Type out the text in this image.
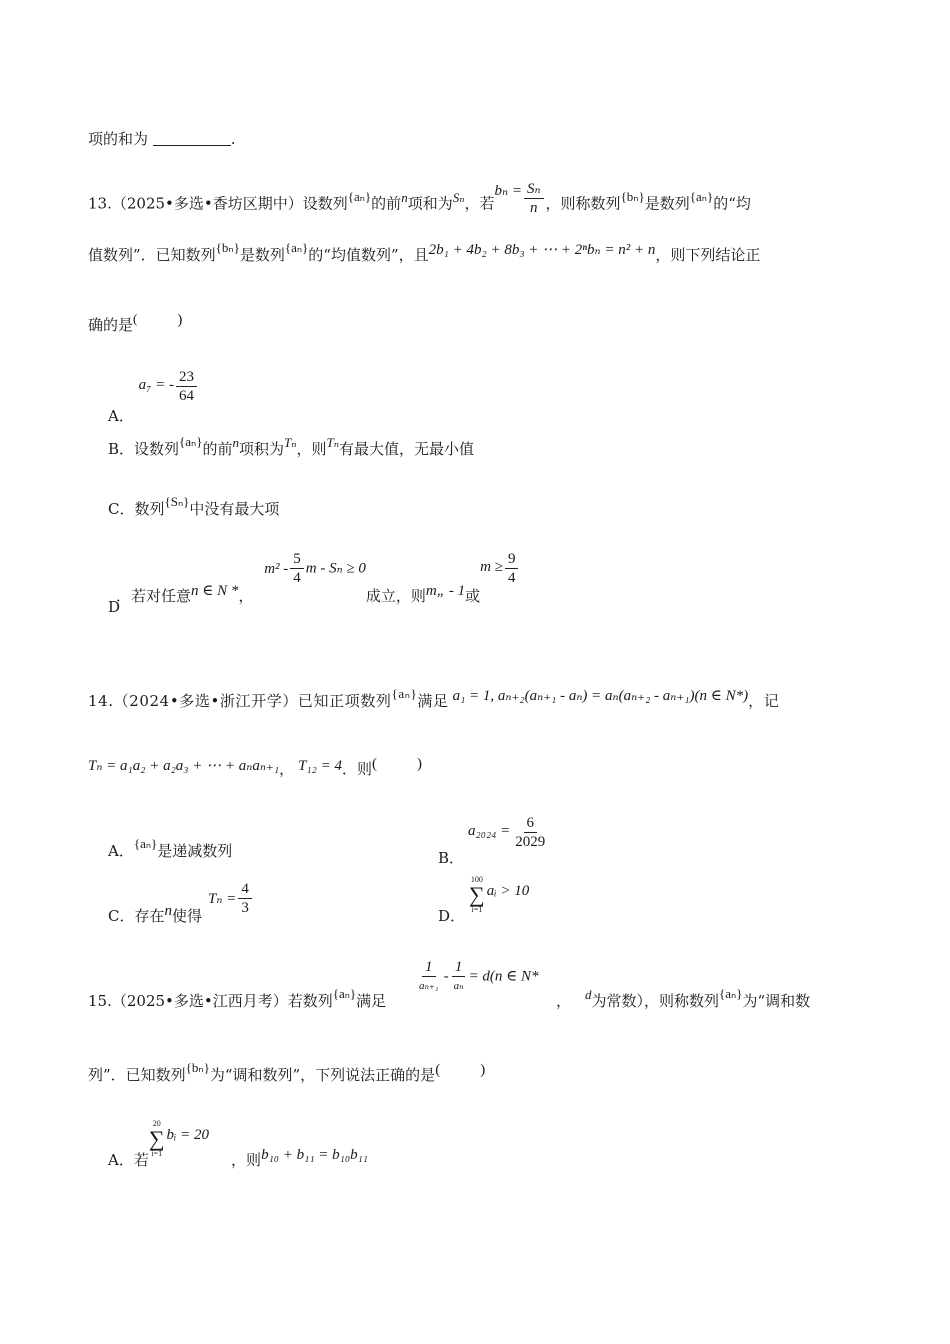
项的和为	.
13.（2025•多选•香坊区期中）设数列{aₙ}的前n项和为Sₙ，若$b_n = \frac{\text{Sₙ}}{n}$ ，则称数列{bₙ}是数列{aₙ}的“均
值数列”．已知数列{bₙ}是数列{aₙ}的“均值数列”，且2b₁ + 4b₂ + 8b₃ + ⋯ + 2ⁿbₙ = n² + n，则下列结论正
确的是(	)
A． a₇ = - $\frac{23}{64}$
B．设数列{aₙ}的前n项积为Tₙ，则Tₙ有最大值，无最小值
C．数列{Sₙ}中没有最大项
D
．若对任意n ∈ N *， $m^2 - \frac{5}{4}$ m - Sₙ ≥ 0成立，则m„ - 1或$m \ge \frac{9}{4}$
14.（2024•多选•浙江开学）已知正项数列{aₙ}满足 a₁ = 1, aₙ₊₂(aₙ₊₁ - aₙ) = aₙ(aₙ₊₂ - aₙ₊₁)(n ∈ N*)，记
Tₙ = a₁a₂ + a₂a₃ + ⋯ + aₙaₙ₊₁， T₁₂ = 4．则(	)
A．{aₙ}是递减数列	B．$a_{2024} = \frac{6}{2029}$
C．存在n使得$T_n = \frac{4}{3}$	D．
100
∑
i=1
aᵢ > 10
15.（2025•多选•江西月考）若数列{aₙ}满足
$\frac{1}{\text{aₙ₊₁}} - \frac{1}{\text{aₙ}} = d(n$ ∈ N*
， d为常数），则称数列{aₙ}为“调和数
列”．已知数列{bₙ}为“调和数列”，下列说法正确的是(	)
A．若
20
∑
i=1
bᵢ = 20，则b₁₀ + b₁₁ = b₁₀b₁₁
